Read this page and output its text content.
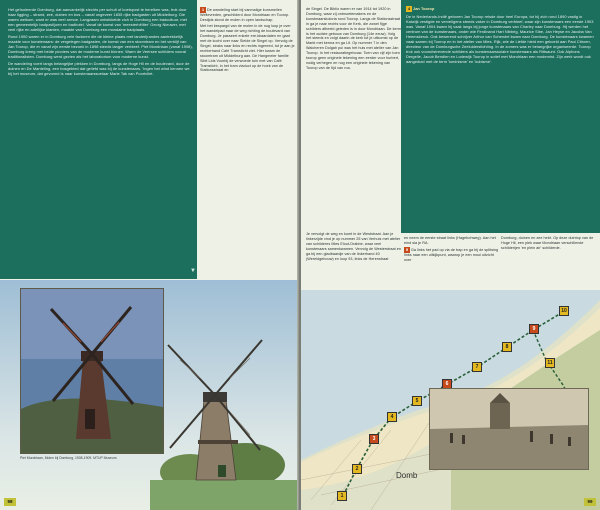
Het geïsoleerde Domburg, dat aanvankelijk slechts per schuit of koetspost te bereiken was, trok door haar ligging – strand, zee, duinen en bos – vanaf ongeveer 1835 rijke badgasten uit Middelburg. Die waren welkom, want er was veel armoe. Langzaam ontwikkelde zich in Domburg een badcultuur, met een gemeentelijk badpaviljoen en badhotel. Vanaf de komst van 'meesterhëliter' Georg Nieuwer, met veel rijke en adellijke klanten, maakte van Domburg een mondaine badplaats.

Rond 1900 waren er in Domburg vele factoren die de kleine plaats met landerijrandes aantrekkelijk maakte voor kunstenaars: de vergelegen badgasten, de komst van een stoomtram en het verblijf van Jan Toorop, die er vanaf zijn eerste bezoek in 1898 steeds langer verbleef. Piet Mondriaan (vanaf 1908), Domburg kreeg met beide pioniers van de moderne kunst binnen. Warm de Veersee schilders vooral traditionalisten. Domburg werd gezien als het laboratorium voor moderne kunst.

De wandeling voert langs belangrijke plekken in Domburg, langs de Hoge Hil en de boulevard, door de duinen en De Manteling, een bosgebied dat geliefd was bij de kunstenaars. 'Ingen het wind kennen we bij het museum, dat gevormd is naar kunstenaarssoelaar Marie Tak van Poortvliet.

▼

1 De wandeling start bij vanmalige kunsmeilen Weltevreden, geschilderd door Mondriaan en Toorop. Destijds stond de molen in open landschap.

Met het bespargd van de molen in de nug loop je over het wandelpad naar de weg richting de boulevard van Domburg. Je passeert enkele ere.kbaardaten en gaat met de kocht over naar Sielde de Singel op. Vervolg de Singel, straks naar links en rechts ingereed, tot je aan je rechterhand Café Tramsticht ziet. Hier kwam de stoomtram uit Middelburg aan. De Hangmeier familie Sibit Lids Voorbij de verwoede tuin met van Café Tramsticht, in het tram viaduct op de hoek van de Stationsstraat en

Piet Mondriaan, Molen bij Domburg, 1908-1909. MTUP Museum
98

de Singel. De Biblio waren er van 1914 tot 1920 in Domburg, waar zij ontmoetemakers en de kunstmaarskoloria rond Toorop. Langs de Stationsstraat in ga je naar rechts voor de Kerk, die zowel fijge schilders afbeeld geleden is in door Mondriaan. De kerm is het oudste gebouw van Domburg (14e eeuw). Volg het steeds en volgt daarin de kerk tot je uitkomst op de Markt met kerma en ga Lit. Op nummer 7 in den Walcheren Dolgah pui was het huis met atelier van Jan Toorop. In het restauratiegebouw. Toen van vijf zijn toen toorop geen originele tekening een eerder voor hurbert, nodig verhegen en nog een originele tekening van Toorop van de tijd van roa.

4 Jan Toorop

De in Nederlands-Indië geboren Jan Toorop reisde door heel Europa, tot hij zich rond 1890 vastig in Katwijk vestigde en verveligens steeds vaker in Domburg verbleef, waar zijn kunstenaars een eerste 1903 was. Vanaf 1904 kwam hij vaak langs bij jonge kunstenaars van Charley naar Domburg. Hij werden het centrum van de kunstenaars, onder wie Ferdinand Hart Nibbrig, Maurice Sibe, Jan Heyse en Jacoba Van Heemskerck. Ook bewerend schrijver Arthur van Schendel kwam naar Domburg. De kunstenaars kwamen vaak samen bij Toorop en in het atelier van Mies. Rijk, wie de Liefde hield een gekoeld aan Paul Citroen, directeur van de Domburgsche Zeeluiderstichting. In de zomers was er belangrijke organiseerde. Toorop trok ook vooruitstrevende schilders als kunstenaarssolaire kunstenaars als Rittsaunt. Ook Alphons Dergelle, Jacob Bendien en Lodewijk Toorop in sotief met Mondriaan een modernist. Zijn werk wordt ook aangeduid met de term 'luminisme' en 'kubisme'.

Je vervolgt de weg en komt in de Weststraat. Aan je linkerzijde vind je op nummer 25 van Verhuis met atelier van schilderes Mies Elout-Drabbe, waar veel kunstenaars samenkwamen. Vervolg de Westerstraat en ga bij een gladbaardje van de linkerhand 40 (Wereldgebouw) en loop 93, links de Herenstraat

en neem de eerste straat links (Hagebohweg). Aan het eind sla je RA.

5 Ga links het pad op via de trap en ga bij de splitsing links naar een uitkijkpunt, waarop je een mooi uitzicht over

Domburg, duinen en zee hebt. Op deze duintop van de Hoge Hil, een plek waar Mondriaan verschillende schilderijen 'en plein air' schilderde.

Domb
1
2
3
4
5
6
7
8
9
10
11
99
